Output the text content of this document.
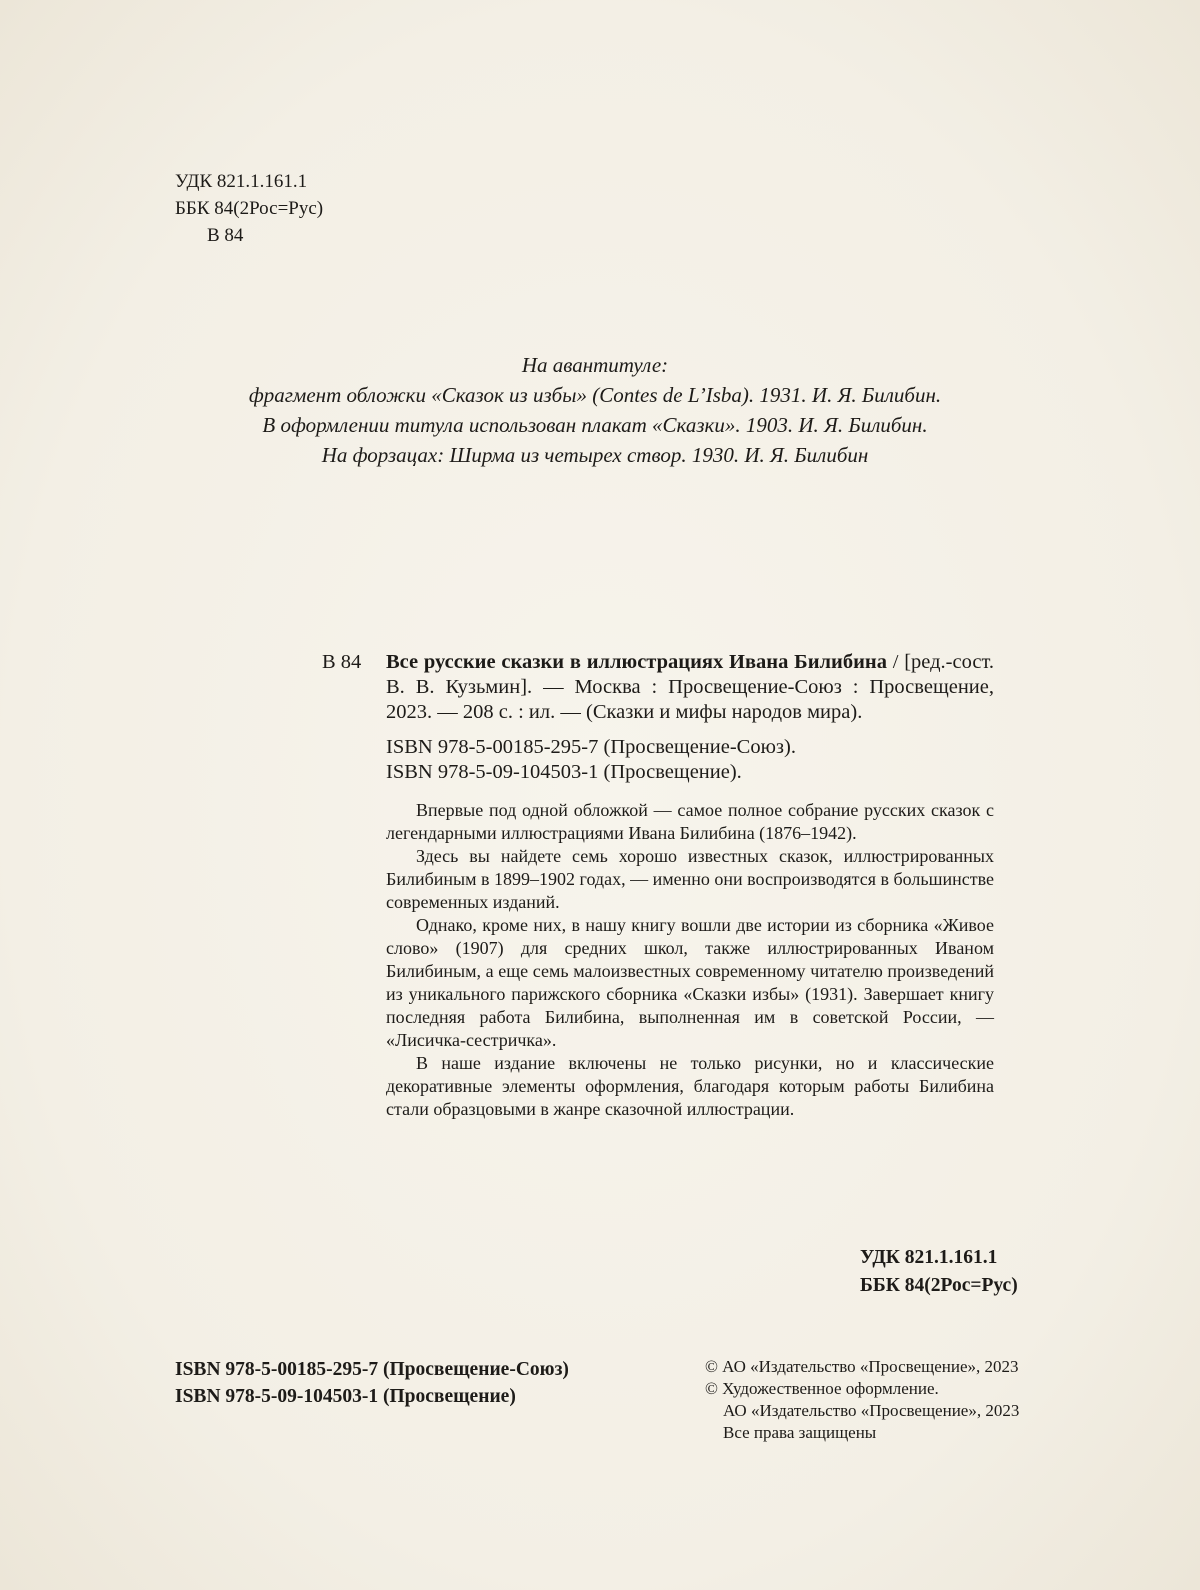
УДК 821.1.161.1
ББК 84(2Рос=Рус)
В 84
На авантитуле:
фрагмент обложки «Сказок из избы» (Contes de L’Isba). 1931. И. Я. Билибин.
В оформлении титула использован плакат «Сказки». 1903. И. Я. Билибин.
На форзацах: Ширма из четырех створ. 1930. И. Я. Билибин
В 84 Все русские сказки в иллюстрациях Ивана Билибина / [ред.-сост. В. В. Кузьмин]. — Москва : Просвещение-Союз : Просвещение, 2023. — 208 с. : ил. — (Сказки и мифы народов мира).
ISBN 978-5-00185-295-7 (Просвещение-Союз).
ISBN 978-5-09-104503-1 (Просвещение).

Впервые под одной обложкой — самое полное собрание русских сказок с легендарными иллюстрациями Ивана Билибина (1876–1942).

Здесь вы найдете семь хорошо известных сказок, иллюстрированных Билибиным в 1899–1902 годах, — именно они воспроизводятся в большинстве современных изданий.

Однако, кроме них, в нашу книгу вошли две истории из сборника «Живое слово» (1907) для средних школ, также иллюстрированных Иваном Билибиным, а еще семь малоизвестных современному читателю произведений из уникального парижского сборника «Сказки избы» (1931). Завершает книгу последняя работа Билибина, выполненная им в советской России, — «Лисичка-сестричка».

В наше издание включены не только рисунки, но и классические декоративные элементы оформления, благодаря которым работы Билибина стали образцовыми в жанре сказочной иллюстрации.

УДК 821.1.161.1
ББК 84(2Рос=Рус)
ISBN 978-5-00185-295-7 (Просвещение-Союз)
ISBN 978-5-09-104503-1 (Просвещение)
© АО «Издательство «Просвещение», 2023
© Художественное оформление.
АО «Издательство «Просвещение», 2023
Все права защищены
